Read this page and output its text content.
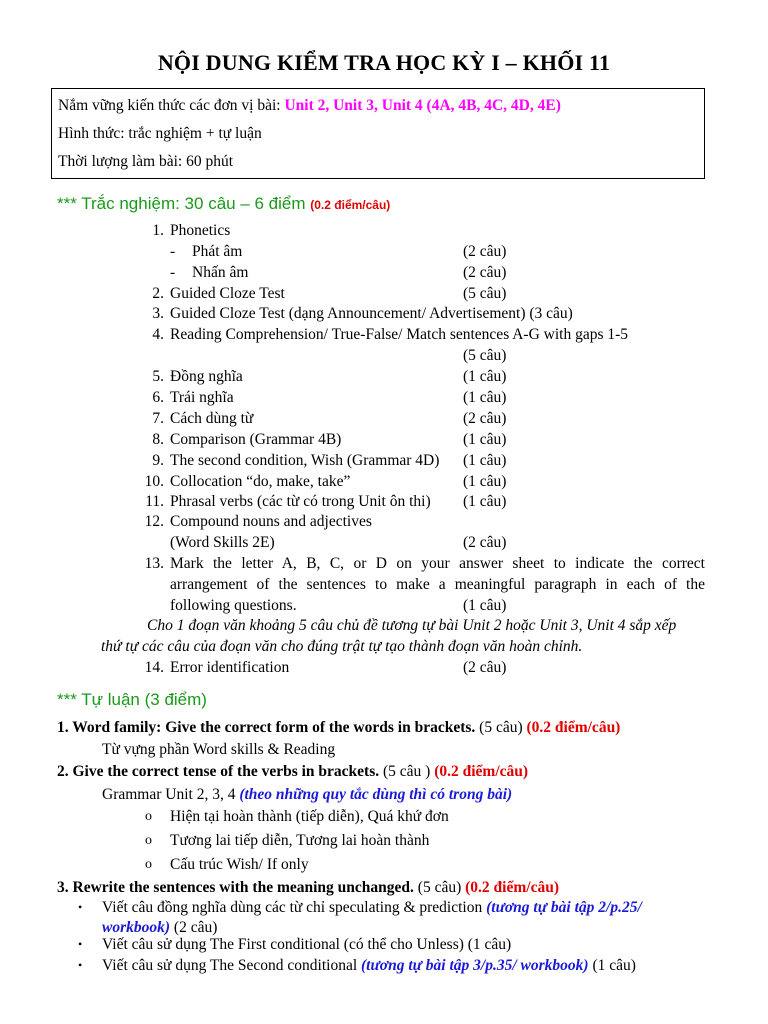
NỘI DUNG KIỂM TRA HỌC KỲ I – KHỐI 11
Nắm vững kiến thức các đơn vị bài: Unit 2, Unit 3, Unit 4 (4A, 4B, 4C, 4D, 4E)
Hình thức: trắc nghiệm + tự luận
Thời lượng làm bài: 60 phút
*** Trắc nghiệm: 30 câu – 6 điểm (0.2 điểm/câu)
1. Phonetics
- Phát âm	(2 câu)
- Nhấn âm	(2 câu)
2. Guided Cloze Test	(5 câu)
3. Guided Cloze Test (dạng Announcement/ Advertisement) (3 câu)
4. Reading Comprehension/ True-False/ Match sentences A-G with gaps 1-5
(5 câu)
5. Đồng nghĩa	(1 câu)
6. Trái nghĩa	(1 câu)
7. Cách dùng từ	(2 câu)
8. Comparison (Grammar 4B)	(1 câu)
9. The second condition, Wish (Grammar 4D) (1 câu)
10. Collocation “do, make, take”	(1 câu)
11. Phrasal verbs (các từ có trong Unit ôn thi) (1 câu)
12. Compound nouns and adjectives
(Word Skills 2E)	(2 câu)
13. Mark the letter A, B, C, or D on your answer sheet to indicate the correct
arrangement of the sentences to make a meaningful paragraph in each of the
following questions.	(1 câu)
Cho 1 đoạn văn khoảng 5 câu chủ đề tương tự bài Unit 2 hoặc Unit 3, Unit 4 sắp xếp
thứ tự các câu của đoạn văn cho đúng trật tự tạo thành đoạn văn hoàn chỉnh.
14. Error identification	(2 câu)
*** Tự luận (3 điểm)
1. Word family: Give the correct form of the words in brackets. (5 câu) (0.2 điểm/câu)
Từ vựng phần Word skills & Reading
2. Give the correct tense of the verbs in brackets. (5 câu ) (0.2 điểm/câu)
Grammar Unit 2, 3, 4 (theo những quy tắc dùng thì có trong bài)
o Hiện tại hoàn thành (tiếp diễn), Quá khứ đơn
o Tương lai tiếp diễn, Tương lai hoàn thành
o Cấu trúc Wish/ If only
3. Rewrite the sentences with the meaning unchanged. (5 câu) (0.2 điểm/câu)
• Viết câu đồng nghĩa dùng các từ chỉ speculating & prediction (tương tự bài tập 2/p.25/
workbook) (2 câu)
• Viết câu sử dụng The First conditional (có thể cho Unless) (1 câu)
• Viết câu sử dụng The Second conditional (tương tự bài tập 3/p.35/ workbook) (1 câu)
